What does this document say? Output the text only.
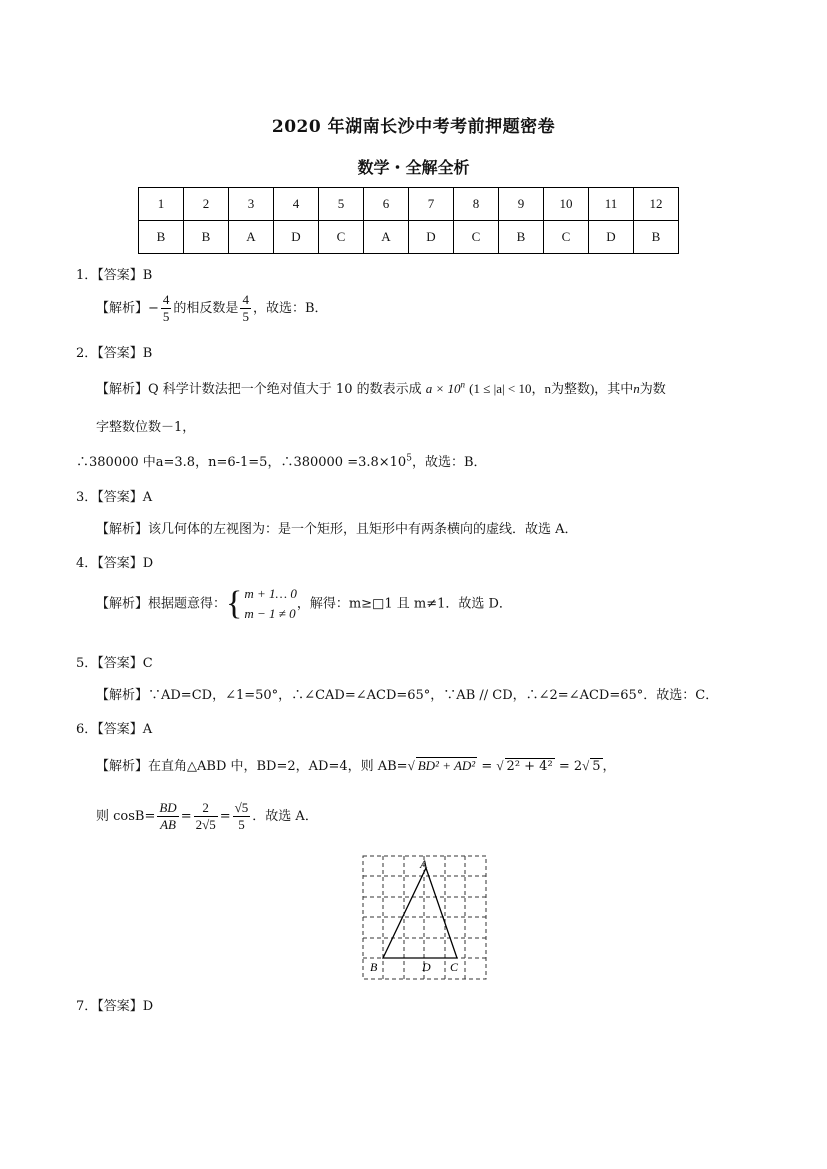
2020 年湖南长沙中考考前押题密卷
数学・全解全析
1	2	3	4	5	6	7	8	9	10	11	12
B	B	A	D	C	A	D	C	B	C	D	B
1．【答案】B
【解析】− $\frac{4}{5}$ 的相反数是 $\frac{4}{5}$ ，故选：B．
2．【答案】B
【解析】Q 科学计数法把一个绝对值大于 10 的数表示成 $a \times 10^n$ (1 ≤ |a| < 10，n为整数)，其中n为数
字整数位数－1，
∴380000 中a=3.8，n=6-1=5，∴380000 $=3.8\times 10^5$，故选：B．
3．【答案】A
【解析】该几何体的左视图为：是一个矩形，且矩形中有两条横向的虚线．故选 A．
4．【答案】D
【解析】根据题意得：{ m + 1… 0
m − 1 ≠ 0
，解得：m≥□1 且 m≠1．故选 D．
5．【答案】C
【解析】∵AD=CD，∠1=50°，∴∠CAD=∠ACD=65°，∵AB // CD，∴∠2=∠ACD=65°．故选：C．
6．【答案】A
【解析】在直角△ABD 中，BD=2，AD=4，则 AB=√ BD² + AD² = √ 2² + 4² = 2√ 5 ，
则 $\cos B= \frac{BD}{AB} = \frac{2}{2√5} = \frac{√5}{5}$ ．故选 A．
A
B	D C
7．【答案】D
